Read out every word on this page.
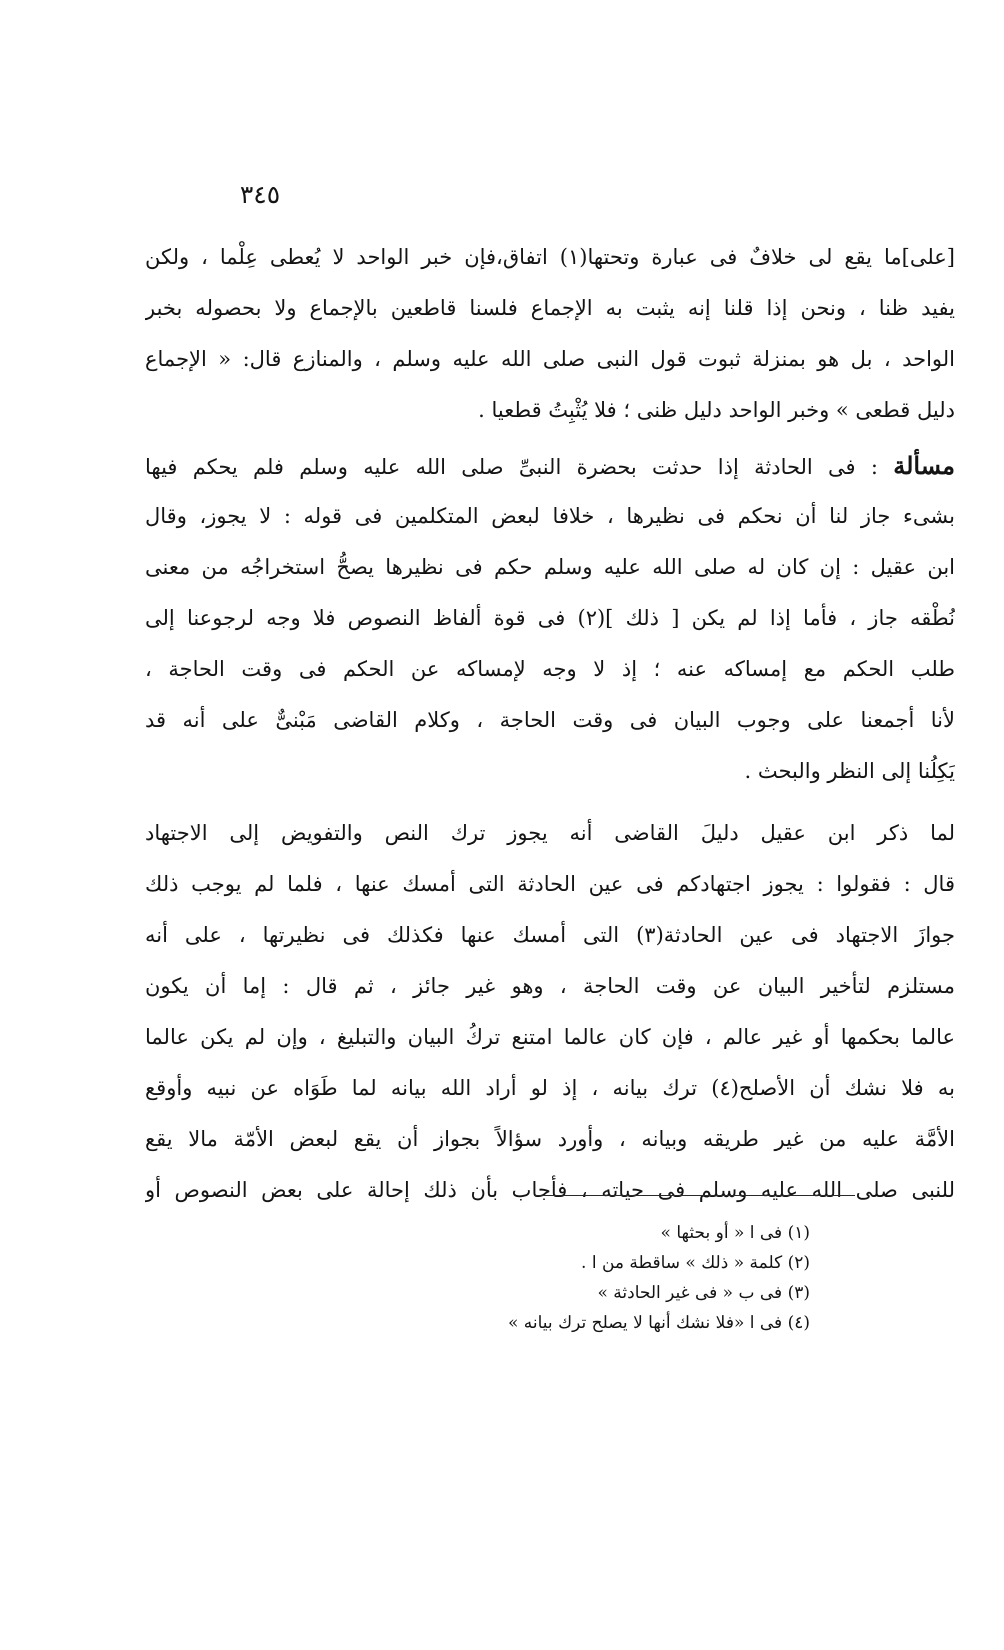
٣٤٥
[على]ما يقع لى خلافٌ فى عبارة وتحتها(١) اتفاق،فإن خبر الواحد لا يُعطى عِلْما ، ولكن
يفيد ظنا ، ونحن إذا قلنا إنه يثبت به الإجماع فلسنا قاطعين بالإجماع ولا بحصوله بخبر
الواحد ، بل هو بمنزلة ثبوت قول النبى صلى الله عليه وسلم ، والمنازع قال: « الإجماع
دليل قطعى » وخبر الواحد دليل ظنى ؛ فلا يُثْبِتُ قطعيا .
مسألة : فى الحادثة إذا حدثت بحضرة النبىِّ صلى الله عليه وسلم فلم يحكم فيها
بشىء جاز لنا أن نحكم فى نظيرها ، خلافا لبعض المتكلمين فى قوله : لا يجوز، وقال
ابن عقيل : إن كان له صلى الله عليه وسلم حكم فى نظيرها يصحُّ استخراجُه من معنى
نُطْقه جاز ، فأما إذا لم يكن [ ذلك ](٢) فى قوة ألفاظ النصوص فلا وجه لرجوعنا إلى
طلب الحكم مع إمساكه عنه ؛ إذ لا وجه لإمساكه عن الحكم فى وقت الحاجة ،
لأنا أجمعنا على وجوب البيان فى وقت الحاجة ، وكلام القاضى مَبْنىٌّ على أنه قد
يَكِلُنا إلى النظر والبحث .
لما ذكر ابن عقيل دليلَ القاضى أنه يجوز ترك النص والتفويض إلى الاجتهاد
قال : فقولوا : يجوز اجتهادكم فى عين الحادثة التى أمسك عنها ، فلما لم يوجب ذلك
جوازَ الاجتهاد فى عين الحادثة(٣) التى أمسك عنها فكذلك فى نظيرتها ، على أنه
مستلزم لتأخير البيان عن وقت الحاجة ، وهو غير جائز ، ثم قال : إما أن يكون
عالما بحكمها أو غير عالم ، فإن كان عالما امتنع تركُ البيان والتبليغ ، وإن لم يكن عالما
به فلا نشك أن الأصلح(٤) ترك بيانه ، إذ لو أراد الله بيانه لما طَوَاه عن نبيه وأوقع
الأمَّة عليه من غير طريقه وبيانه ، وأورد سؤالاً بجواز أن يقع لبعض الأمّة مالا يقع
للنبى صلى الله عليه وسلم فى حياته ، فأجاب بأن ذلك إحالة على بعض النصوص أو
(١) فى ا « أو بحثها »
(٢) كلمة « ذلك » ساقطة من ا .
(٣) فى ب « فى غير الحادثة »
(٤) فى ا «فلا نشك أنها لا يصلح ترك بيانه »
